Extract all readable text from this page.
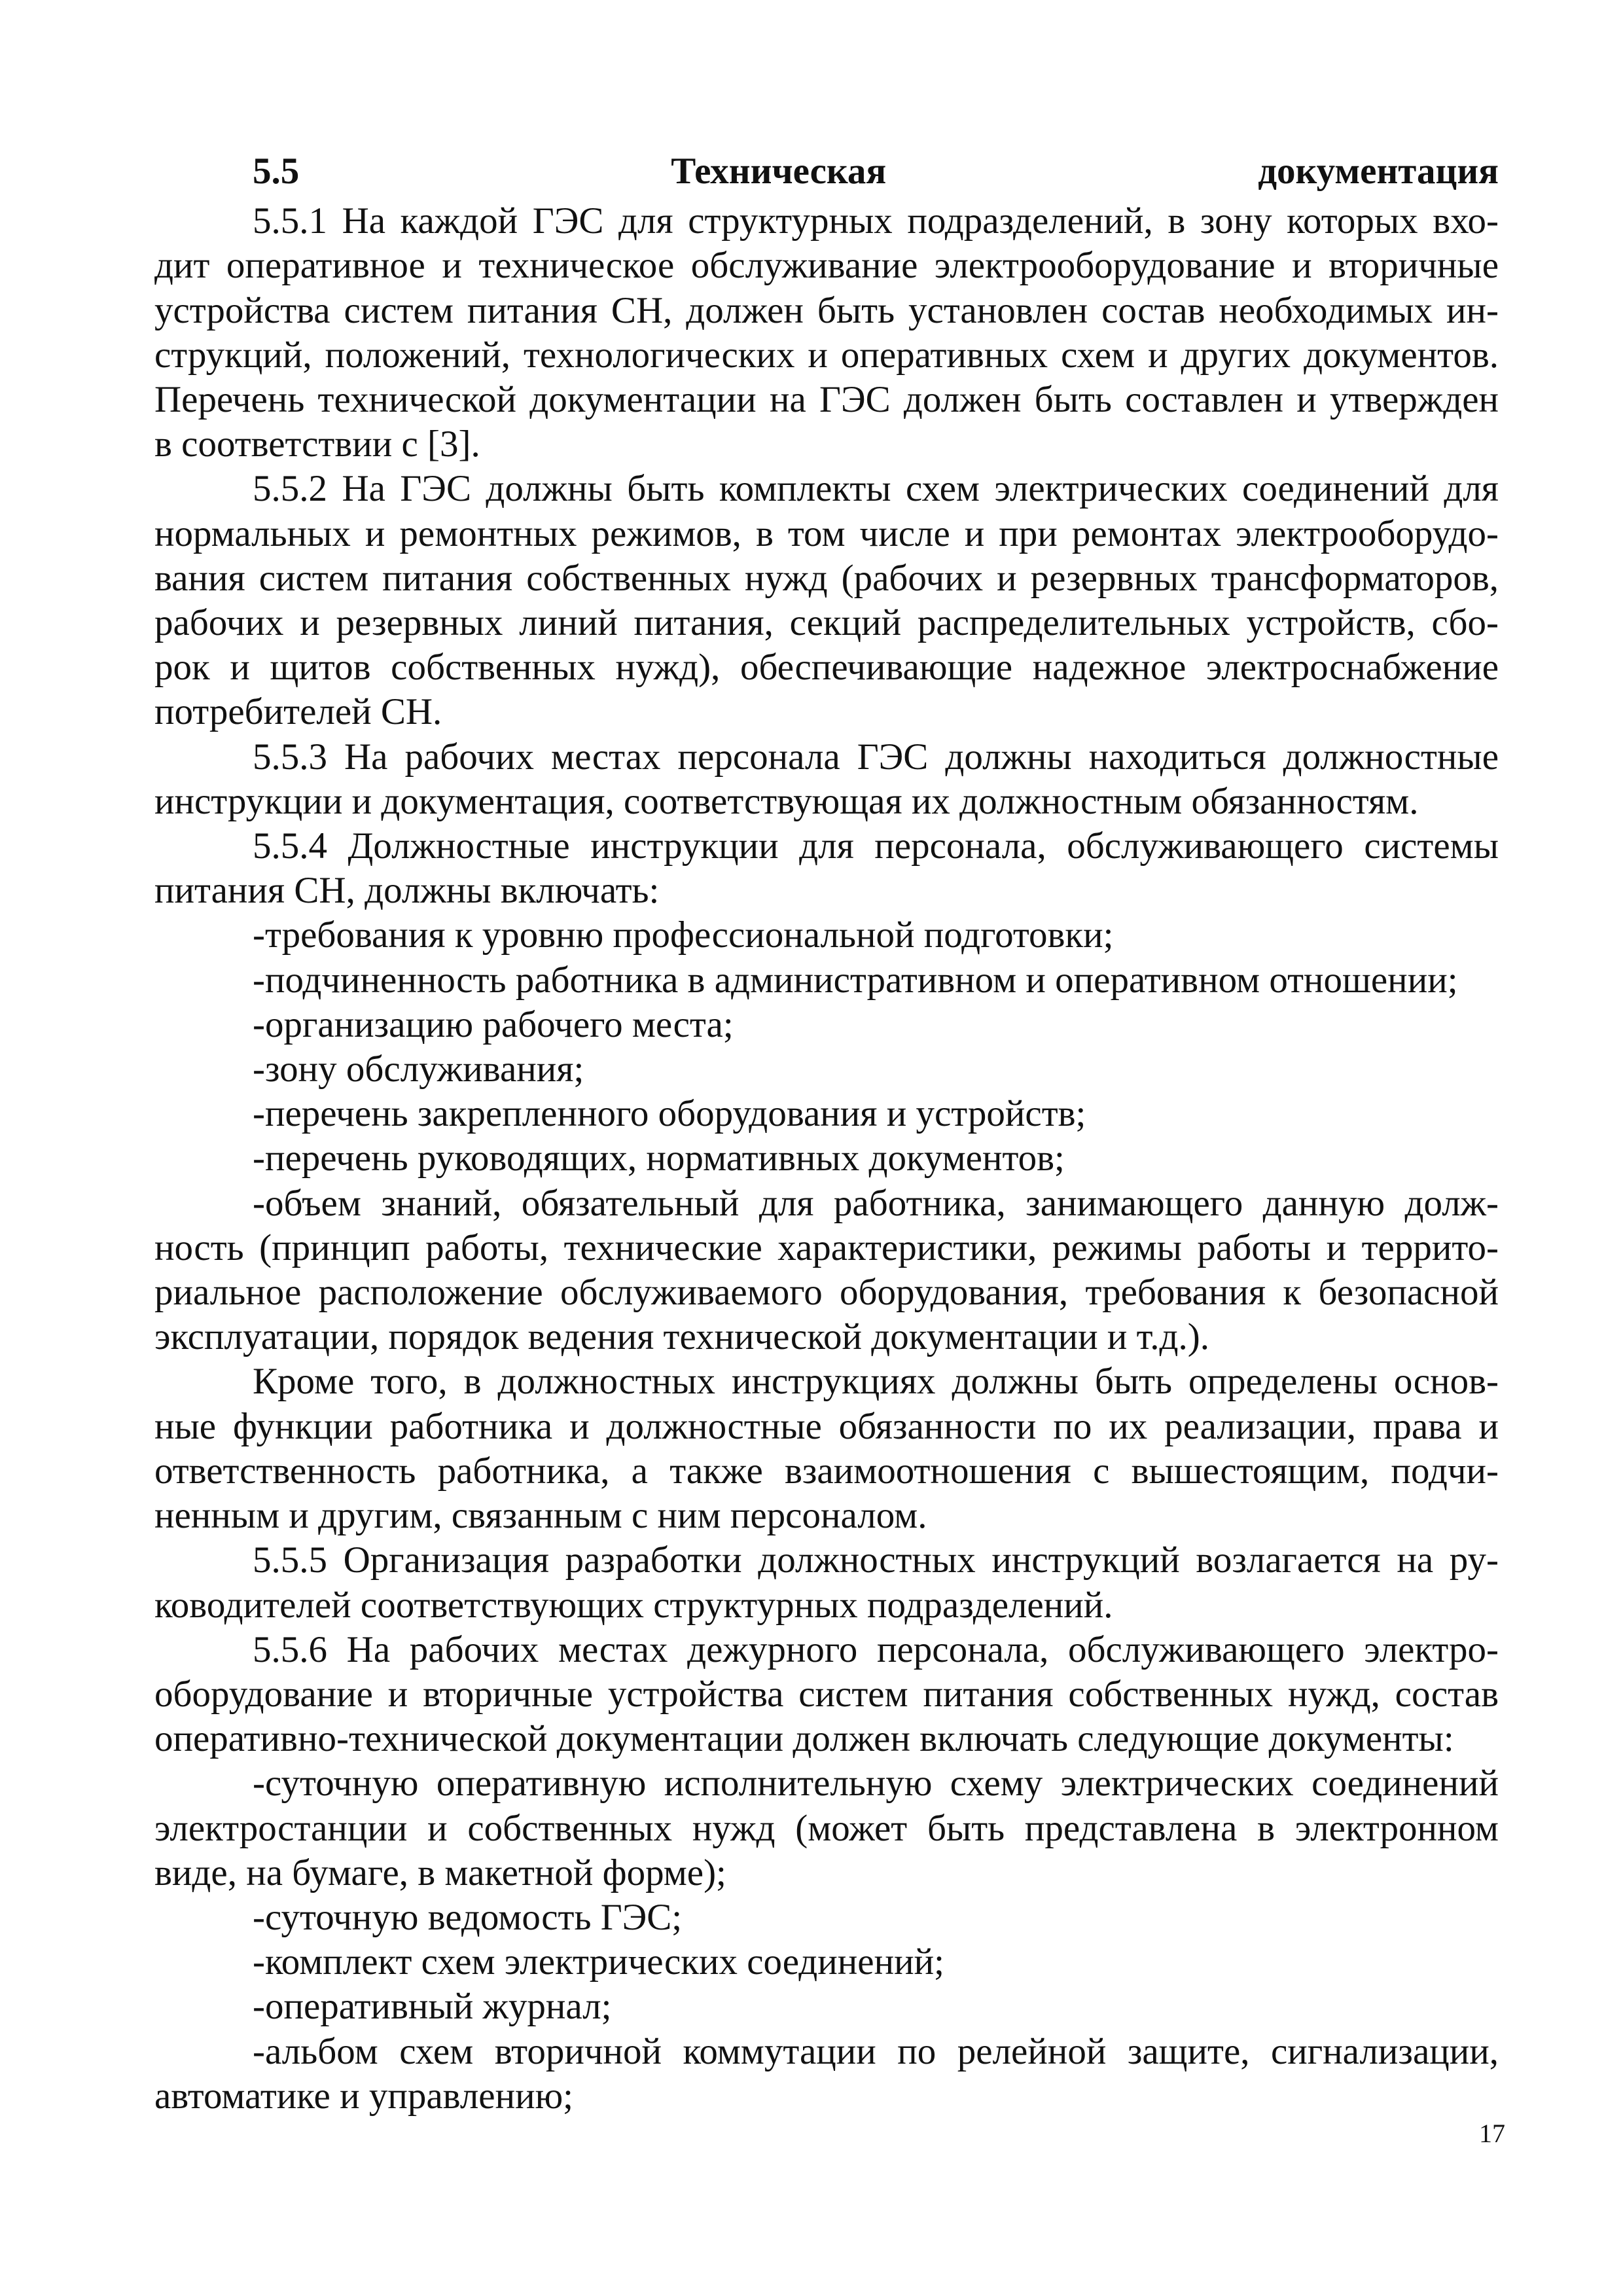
5.5 Техническая документация
5.5.1 На каждой ГЭС для структурных подразделений, в зону которых вхо-
дит оперативное и техническое обслуживание электрооборудование и вторичные
устройства систем питания СН, должен быть установлен состав необходимых ин-
струкций, положений, технологических и оперативных схем и других документов.
Перечень технической документации на ГЭС должен быть составлен и утвержден
в соответствии с [3].
5.5.2 На ГЭС должны быть комплекты схем электрических соединений для
нормальных и ремонтных режимов, в том числе и при ремонтах электрооборудо-
вания систем питания собственных нужд (рабочих и резервных трансформаторов,
рабочих и резервных линий питания, секций распределительных устройств, сбо-
рок и щитов собственных нужд), обеспечивающие надежное электроснабжение
потребителей СН.
5.5.3 На рабочих местах персонала ГЭС должны находиться должностные
инструкции и документация, соответствующая их должностным обязанностям.
5.5.4 Должностные инструкции для персонала, обслуживающего системы
питания СН, должны включать:
-требования к уровню профессиональной подготовки;
-подчиненность работника в административном и оперативном отношении;
-организацию рабочего места;
-зону обслуживания;
-перечень закрепленного оборудования и устройств;
-перечень руководящих, нормативных документов;
-объем знаний, обязательный для работника, занимающего данную долж-
ность (принцип работы, технические характеристики, режимы работы и террито-
риальное расположение обслуживаемого оборудования, требования к безопасной
эксплуатации, порядок ведения технической документации и т.д.).
Кроме того, в должностных инструкциях должны быть определены основ-
ные функции работника и должностные обязанности по их реализации, права и
ответственность работника, а также взаимоотношения с вышестоящим, подчи-
ненным и другим, связанным с ним персоналом.
5.5.5 Организация разработки должностных инструкций возлагается на ру-
ководителей соответствующих структурных подразделений.
5.5.6 На рабочих местах дежурного персонала, обслуживающего электро-
оборудование и вторичные устройства систем питания собственных нужд, состав
оперативно-технической документации должен включать следующие документы:
-суточную оперативную исполнительную схему электрических соединений
электростанции и собственных нужд (может быть представлена в электронном
виде, на бумаге, в макетной форме);
-суточную ведомость ГЭС;
-комплект схем электрических соединений;
-оперативный журнал;
-альбом схем вторичной коммутации по релейной защите, сигнализации,
автоматике и управлению;
17
